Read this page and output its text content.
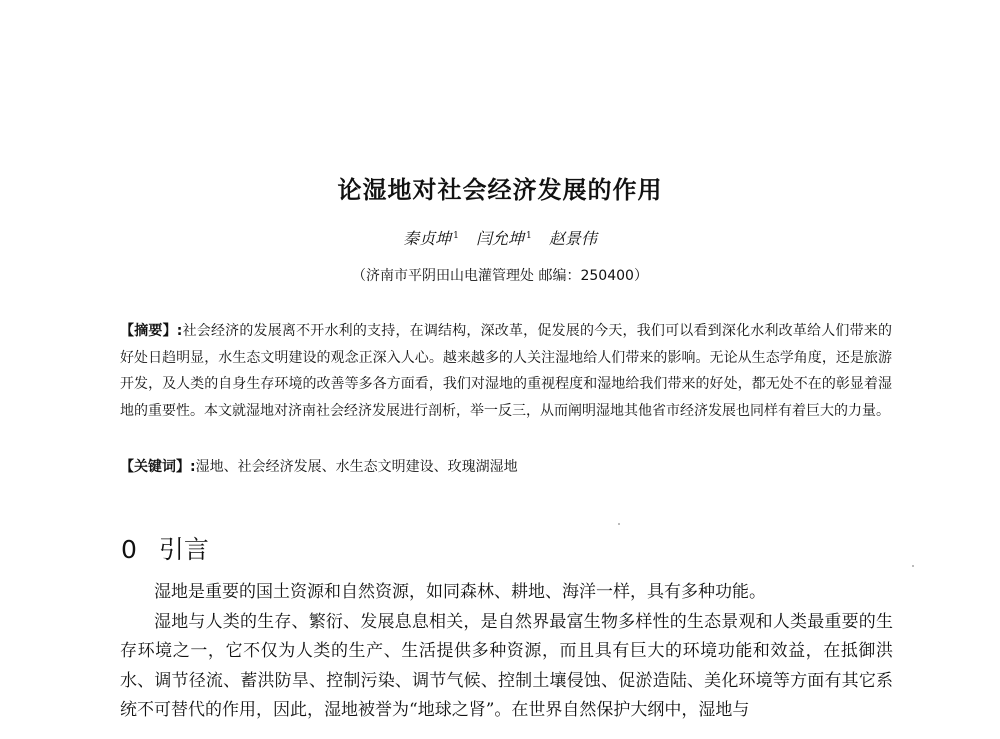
论湿地对社会经济发展的作用
秦贞坤 $^1$ 闫允坤 $^1$ 赵景伟
（济南市平阴田山电灌管理处 邮编：250400）
【摘要】:社会经济的发展离不开水利的支持，在调结构，深改革，促发展的今天，我们可以看到深化水利改革给人们带来的好处日趋明显，水生态文明建设的观念正深入人心。越来越多的人关注湿地给人们带来的影响。无论从生态学角度，还是旅游开发，及人类的自身生存环境的改善等多各方面看，我们对湿地的重视程度和湿地给我们带来的好处，都无处不在的彰显着湿地的重要性。本文就湿地对济南社会经济发展进行剖析，举一反三，从而阐明湿地其他省市经济发展也同样有着巨大的力量。
【关键词】:湿地、社会经济发展、水生态文明建设、玫瑰湖湿地
0 引言

湿地是重要的国土资源和自然资源，如同森林、耕地、海洋一样，具有多种功能。

湿地与人类的生存、繁衍、发展息息相关，是自然界最富生物多样性的生态景观和人类最重要的生存环境之一，它不仅为人类的生产、生活提供多种资源，而且具有巨大的环境功能和效益，在抵御洪水、调节径流、蓄洪防旱、控制污染、调节气候、控制土壤侵蚀、促淤造陆、美化环境等方面有其它系统不可替代的作用，因此，湿地被誉为“地球之肾”。在世界自然保护大纲中，湿地与
